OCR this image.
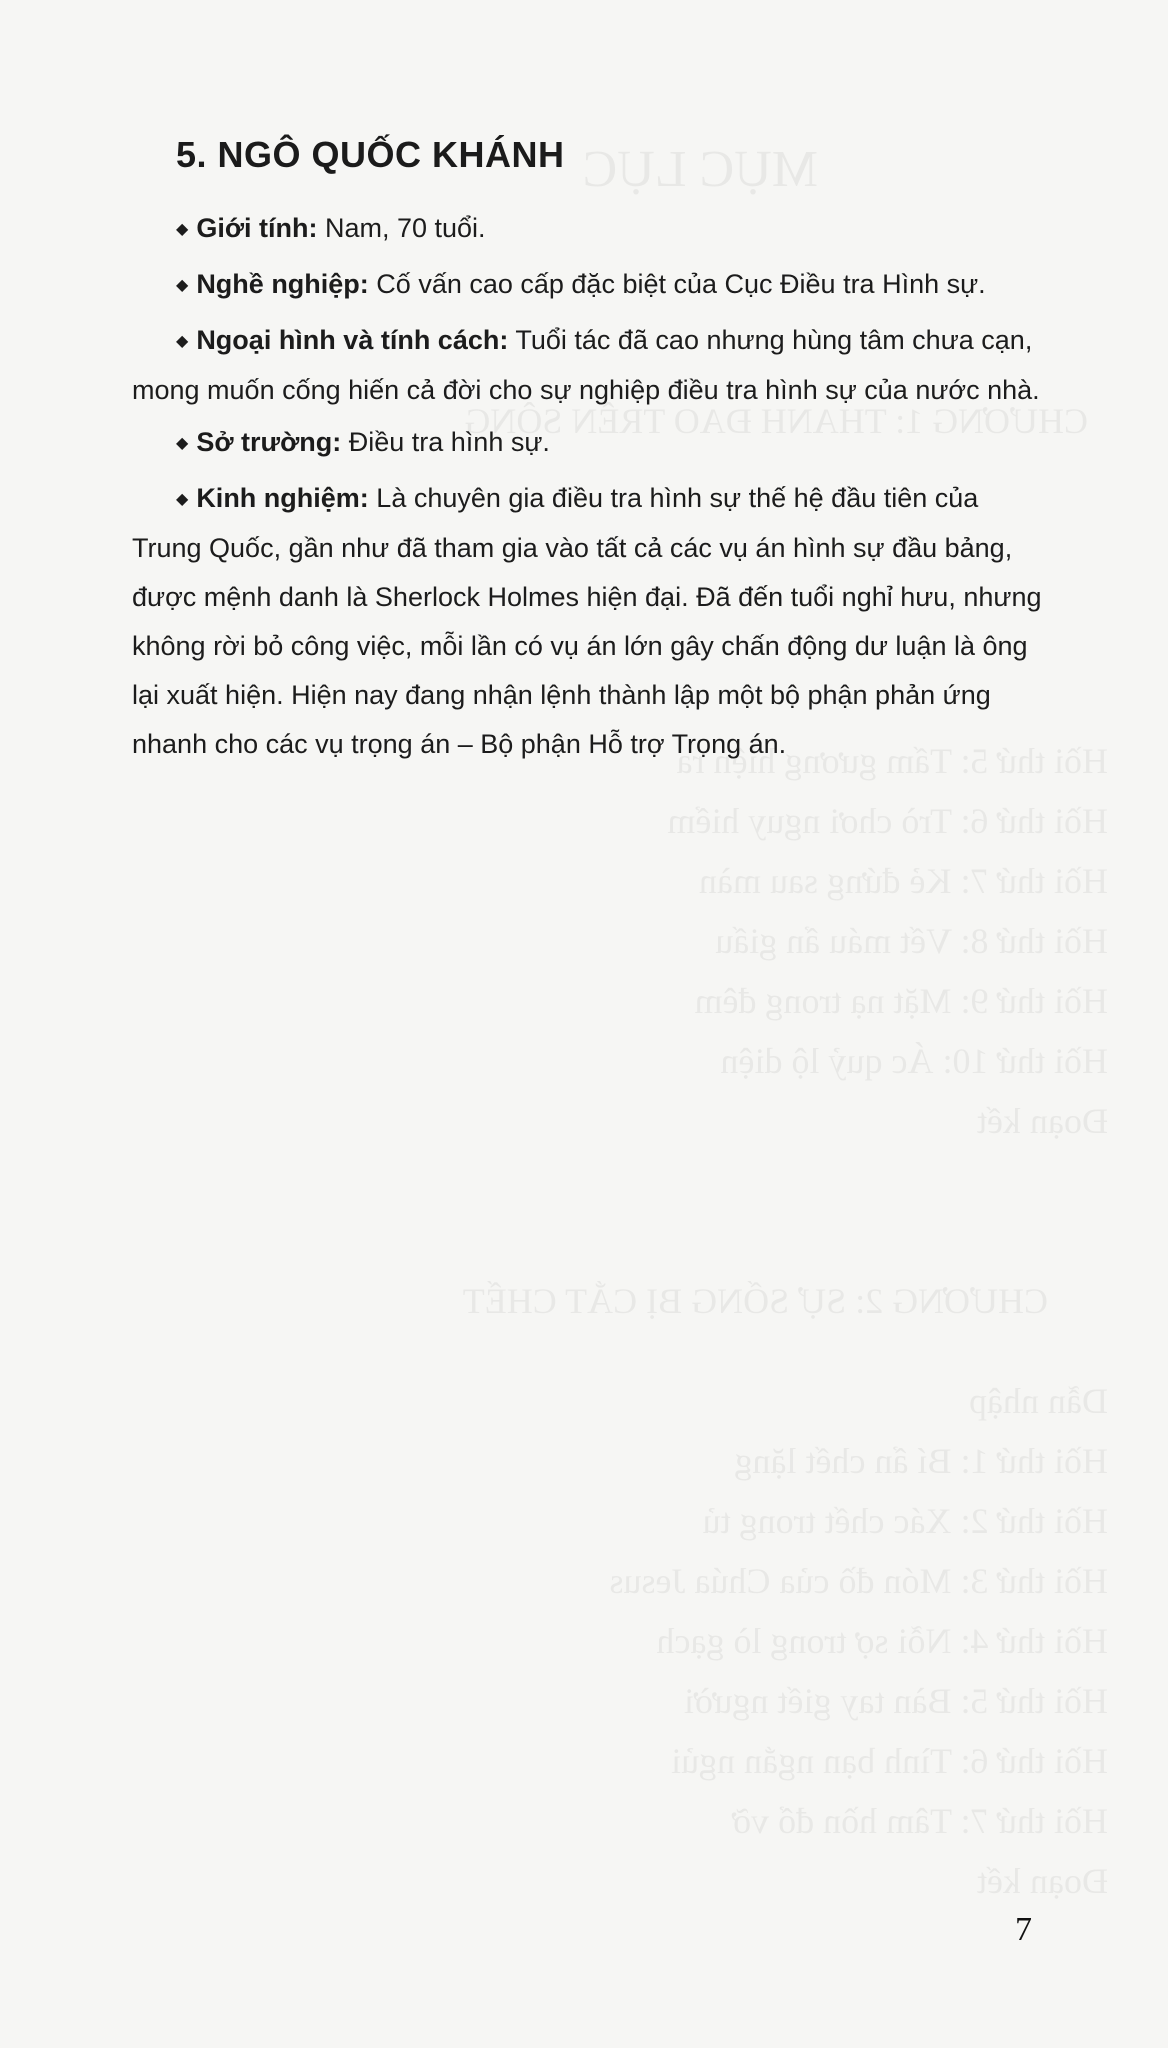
MỤC LỤC
CHƯƠNG 1: THANH ĐAO TRÊN SÔNG
Hồi thứ 5: Tấm gương hiện ra
Hồi thứ 6: Trò chơi nguy hiểm
Hồi thứ 7: Kẻ đứng sau màn
Hồi thứ 8: Vết máu ẩn giấu
Hồi thứ 9: Mặt nạ trong đêm
Hồi thứ 10: Ác quỷ lộ diện
Đoạn kết
CHƯƠNG 2: SỰ SỐNG BỊ CẮT CHẾT
Dẫn nhập
Hồi thứ 1: Bí ẩn chết lặng
Hồi thứ 2: Xác chết trong tủ
Hồi thứ 3: Món đồ của Chúa Jesus
Hồi thứ 4: Nỗi sợ trong lò gạch
Hồi thứ 5: Bàn tay giết người
Hồi thứ 6: Tình bạn ngắn ngủi
Hồi thứ 7: Tâm hồn đổ vỡ
Đoạn kết
5. NGÔ QUỐC KHÁNH
◆ Giới tính: Nam, 70 tuổi.
◆ Nghề nghiệp: Cố vấn cao cấp đặc biệt của Cục Điều tra Hình sự.
◆ Ngoại hình và tính cách: Tuổi tác đã cao nhưng hùng tâm chưa cạn, mong muốn cống hiến cả đời cho sự nghiệp điều tra hình sự của nước nhà.
◆ Sở trường: Điều tra hình sự.
◆ Kinh nghiệm: Là chuyên gia điều tra hình sự thế hệ đầu tiên của Trung Quốc, gần như đã tham gia vào tất cả các vụ án hình sự đầu bảng, được mệnh danh là Sherlock Holmes hiện đại. Đã đến tuổi nghỉ hưu, nhưng không rời bỏ công việc, mỗi lần có vụ án lớn gây chấn động dư luận là ông lại xuất hiện. Hiện nay đang nhận lệnh thành lập một bộ phận phản ứng nhanh cho các vụ trọng án – Bộ phận Hỗ trợ Trọng án.
7
